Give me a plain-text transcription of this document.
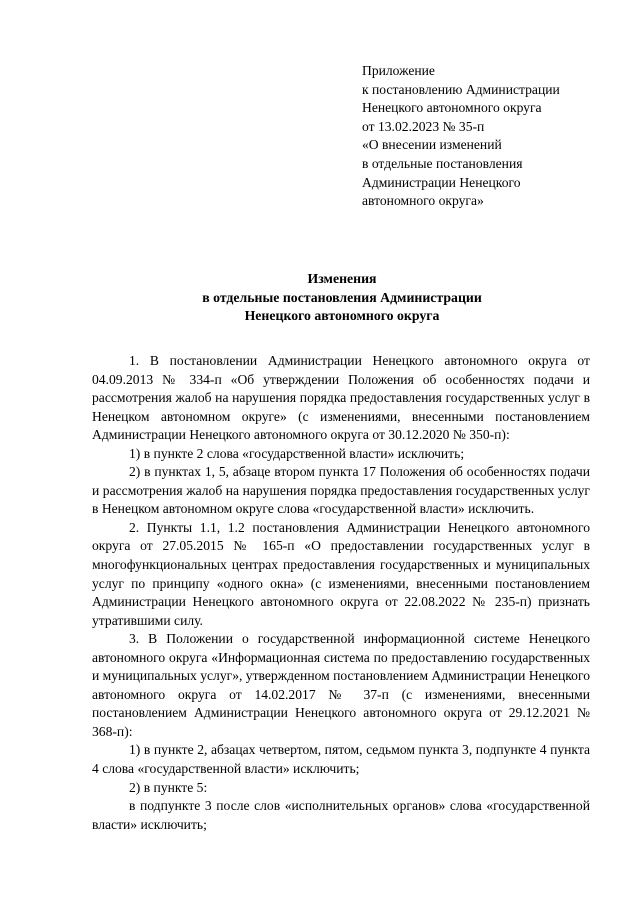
Приложение
к постановлению Администрации
Ненецкого автономного округа
от 13.02.2023 № 35-п
«О внесении изменений
в отдельные постановления
Администрации Ненецкого
автономного округа»
Изменения
в отдельные постановления Администрации
Ненецкого автономного округа

1. В постановлении Администрации Ненецкого автономного округа от 04.09.2013 № 334-п «Об утверждении Положения об особенностях подачи и рассмотрения жалоб на нарушения порядка предоставления государственных услуг в Ненецком автономном округе» (с изменениями, внесенными постановлением Администрации Ненецкого автономного округа от 30.12.2020 № 350-п):

1) в пункте 2 слова «государственной власти» исключить;

2) в пунктах 1, 5, абзаце втором пункта 17 Положения об особенностях подачи и рассмотрения жалоб на нарушения порядка предоставления государственных услуг в Ненецком автономном округе слова «государственной власти» исключить.

2. Пункты 1.1, 1.2 постановления Администрации Ненецкого автономного округа от 27.05.2015 № 165-п «О предоставлении государственных услуг в многофункциональных центрах предоставления государственных и муниципальных услуг по принципу «одного окна» (с изменениями, внесенными постановлением Администрации Ненецкого автономного округа от 22.08.2022 № 235-п) признать утратившими силу.

3. В Положении о государственной информационной системе Ненецкого автономного округа «Информационная система по предоставлению государственных и муниципальных услуг», утвержденном постановлением Администрации Ненецкого автономного округа от 14.02.2017 № 37-п (с изменениями, внесенными постановлением Администрации Ненецкого автономного округа от 29.12.2021 № 368-п):

1) в пункте 2, абзацах четвертом, пятом, седьмом пункта 3, подпункте 4 пункта 4 слова «государственной власти» исключить;

2) в пункте 5:

в подпункте 3 после слов «исполнительных органов» слова «государственной власти» исключить;
